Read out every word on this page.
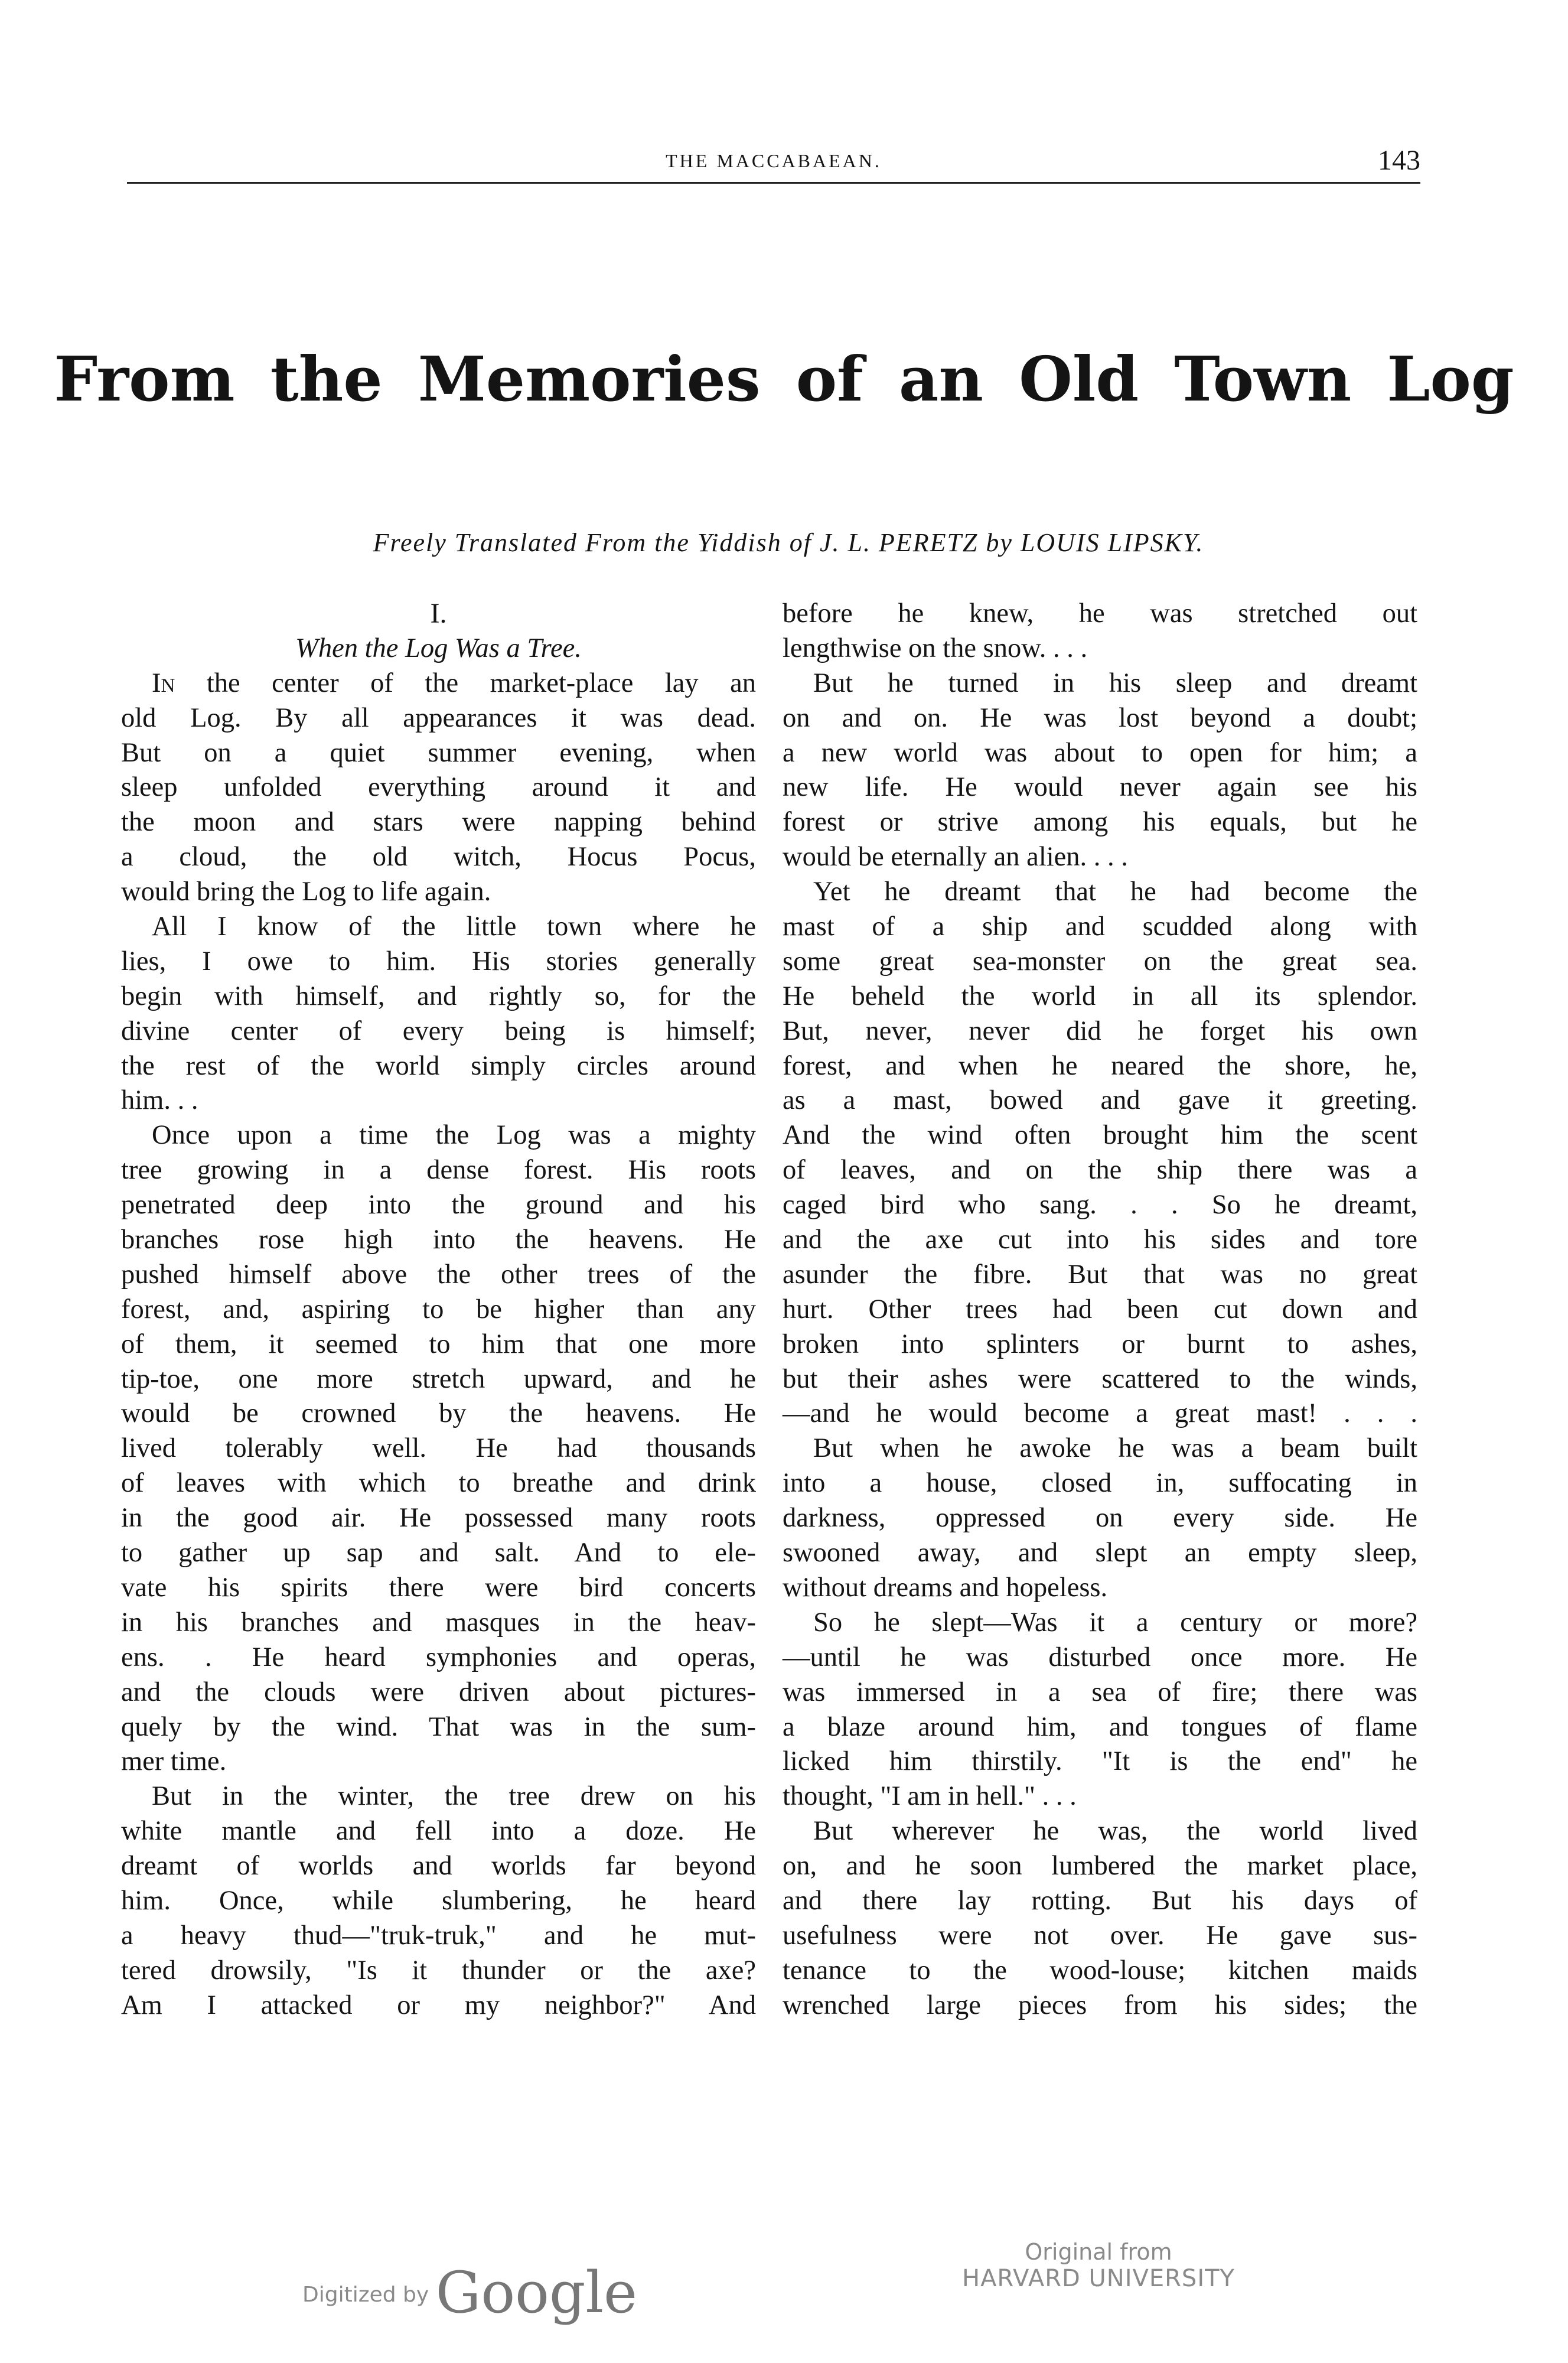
THE MACCABAEAN.	143
From the Memories of an Old Town Log
Freely Translated From the Yiddish of J. L. PERETZ by LOUIS LIPSKY.
I.
When the Log Was a Tree.
In the center of the market-place lay an
old Log. By all appearances it was dead.
But on a quiet summer evening, when
sleep unfolded everything around it and
the moon and stars were napping behind
a cloud, the old witch, Hocus Pocus,
would bring the Log to life again.
All I know of the little town where he
lies, I owe to him. His stories generally
begin with himself, and rightly so, for the
divine center of every being is himself;
the rest of the world simply circles around
him. . .
Once upon a time the Log was a mighty
tree growing in a dense forest. His roots
penetrated deep into the ground and his
branches rose high into the heavens. He
pushed himself above the other trees of the
forest, and, aspiring to be higher than any
of them, it seemed to him that one more
tip-toe, one more stretch upward, and he
would be crowned by the heavens. He
lived tolerably well. He had thousands
of leaves with which to breathe and drink
in the good air. He possessed many roots
to gather up sap and salt. And to ele-
vate his spirits there were bird concerts
in his branches and masques in the heav-
ens. . He heard symphonies and operas,
and the clouds were driven about pictures-
quely by the wind. That was in the sum-
mer time.
But in the winter, the tree drew on his
white mantle and fell into a doze. He
dreamt of worlds and worlds far beyond
him. Once, while slumbering, he heard
a heavy thud—"truk-truk," and he mut-
tered drowsily, "Is it thunder or the axe?
Am I attacked or my neighbor?" And
before he knew, he was stretched out
lengthwise on the snow. . . .
But he turned in his sleep and dreamt
on and on. He was lost beyond a doubt;
a new world was about to open for him; a
new life. He would never again see his
forest or strive among his equals, but he
would be eternally an alien. . . .
Yet he dreamt that he had become the
mast of a ship and scudded along with
some great sea-monster on the great sea.
He beheld the world in all its splendor.
But, never, never did he forget his own
forest, and when he neared the shore, he,
as a mast, bowed and gave it greeting.
And the wind often brought him the scent
of leaves, and on the ship there was a
caged bird who sang. . . So he dreamt,
and the axe cut into his sides and tore
asunder the fibre. But that was no great
hurt. Other trees had been cut down and
broken into splinters or burnt to ashes,
but their ashes were scattered to the winds,
—and he would become a great mast! . . .
But when he awoke he was a beam built
into a house, closed in, suffocating in
darkness, oppressed on every side. He
swooned away, and slept an empty sleep,
without dreams and hopeless.
So he slept—Was it a century or more?
—until he was disturbed once more. He
was immersed in a sea of fire; there was
a blaze around him, and tongues of flame
licked him thirstily. "It is the end" he
thought, "I am in hell." . . .
But wherever he was, the world lived
on, and he soon lumbered the market place,
and there lay rotting. But his days of
usefulness were not over. He gave sus-
tenance to the wood-louse; kitchen maids
wrenched large pieces from his sides; the
Digitized by Google
Original from
HARVARD UNIVERSITY
